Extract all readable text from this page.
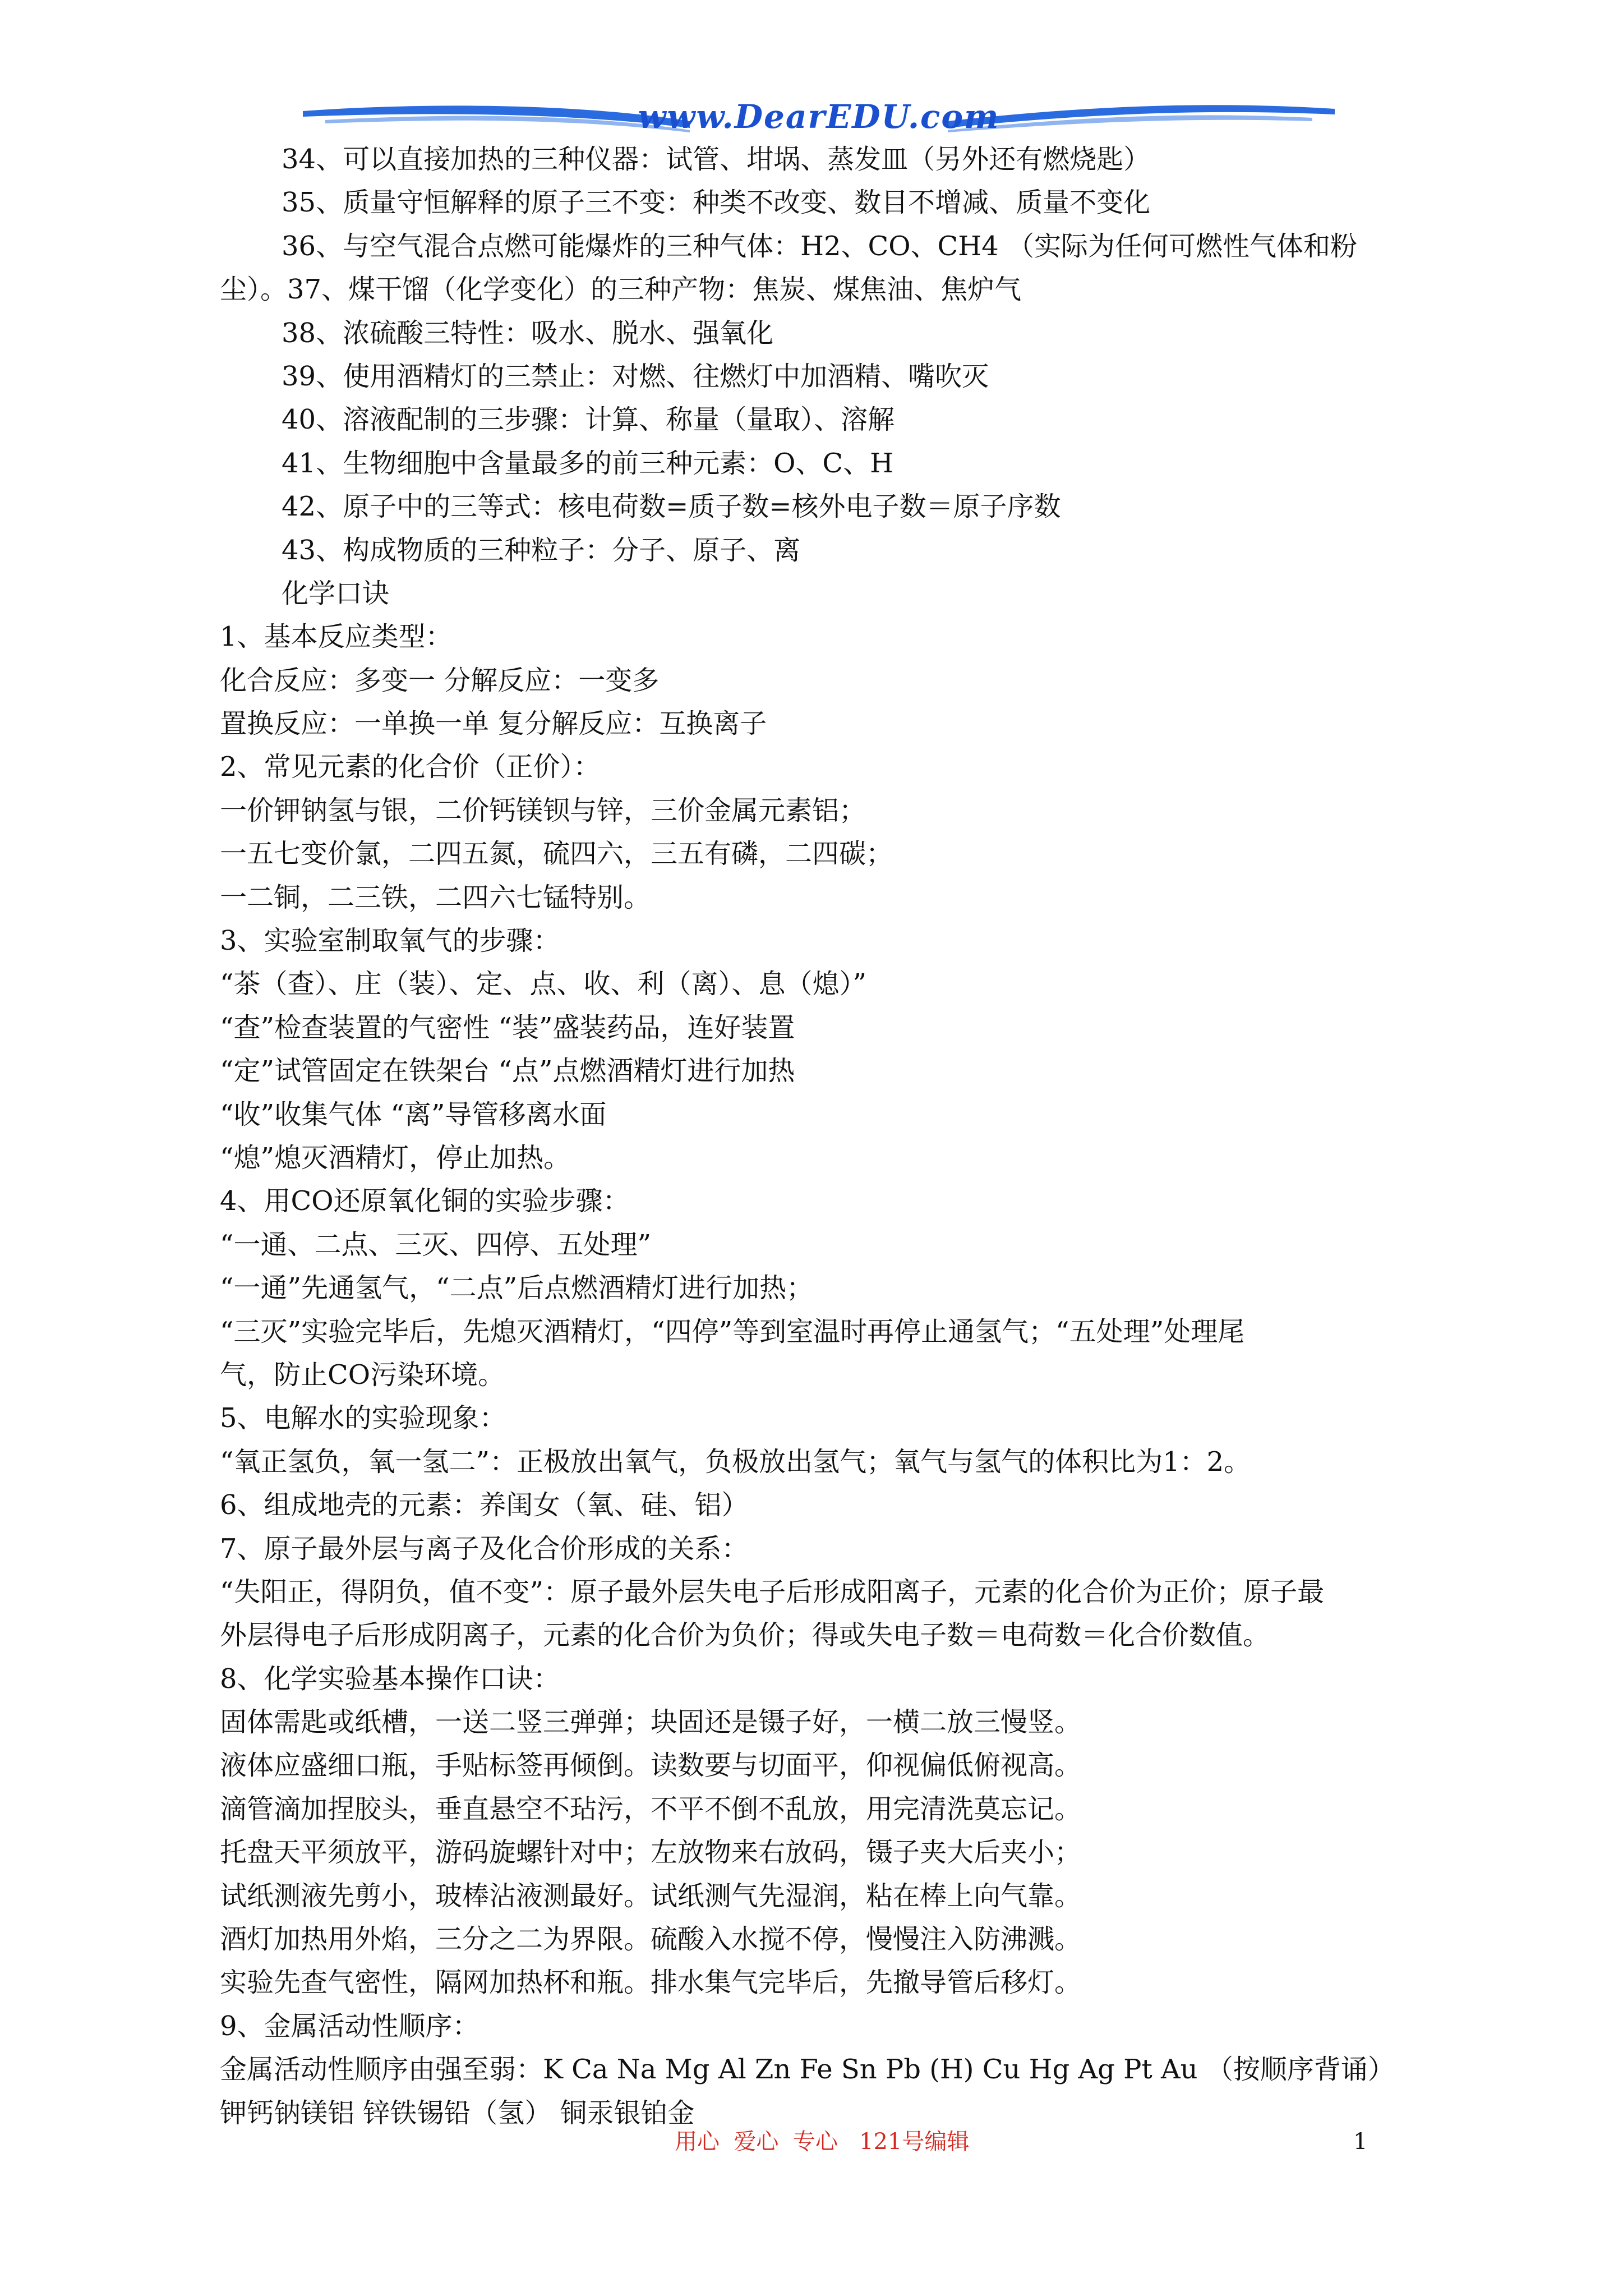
www.DearEDU.com
34、可以直接加热的三种仪器：试管、坩埚、蒸发皿（另外还有燃烧匙）
35、质量守恒解释的原子三不变：种类不改变、数目不增减、质量不变化
36、与空气混合点燃可能爆炸的三种气体：H2、CO、CH4 （实际为任何可燃性气体和粉
尘）。37、煤干馏（化学变化）的三种产物：焦炭、煤焦油、焦炉气
38、浓硫酸三特性：吸水、脱水、强氧化
39、使用酒精灯的三禁止：对燃、往燃灯中加酒精、嘴吹灭
40、溶液配制的三步骤：计算、称量（量取）、溶解
41、生物细胞中含量最多的前三种元素：O、C、H
42、原子中的三等式：核电荷数=质子数=核外电子数＝原子序数
43、构成物质的三种粒子：分子、原子、离
化学口诀
1、基本反应类型：
化合反应：多变一 分解反应：一变多
置换反应：一单换一单 复分解反应：互换离子
2、常见元素的化合价（正价）：
一价钾钠氢与银，二价钙镁钡与锌，三价金属元素铝；
一五七变价氯，二四五氮，硫四六，三五有磷，二四碳；
一二铜，二三铁，二四六七锰特别。
3、实验室制取氧气的步骤：
“茶（查）、庄（装）、定、点、收、利（离）、息（熄）”
“查”检查装置的气密性 “装”盛装药品，连好装置
“定”试管固定在铁架台 “点”点燃酒精灯进行加热
“收”收集气体 “离”导管移离水面
“熄”熄灭酒精灯，停止加热。
4、用CO还原氧化铜的实验步骤：
“一通、二点、三灭、四停、五处理”
“一通”先通氢气，“二点”后点燃酒精灯进行加热；
“三灭”实验完毕后，先熄灭酒精灯，“四停”等到室温时再停止通氢气；“五处理”处理尾
气，防止CO污染环境。
5、电解水的实验现象：
“氧正氢负，氧一氢二”：正极放出氧气，负极放出氢气；氧气与氢气的体积比为1：2。
6、组成地壳的元素：养闺女（氧、硅、铝）
7、原子最外层与离子及化合价形成的关系：
“失阳正，得阴负，值不变”：原子最外层失电子后形成阳离子，元素的化合价为正价；原子最
外层得电子后形成阴离子，元素的化合价为负价；得或失电子数＝电荷数＝化合价数值。
8、化学实验基本操作口诀：
固体需匙或纸槽，一送二竖三弹弹；块固还是镊子好，一横二放三慢竖。
液体应盛细口瓶，手贴标签再倾倒。读数要与切面平，仰视偏低俯视高。
滴管滴加捏胶头，垂直悬空不玷污，不平不倒不乱放，用完清洗莫忘记。
托盘天平须放平，游码旋螺针对中；左放物来右放码，镊子夹大后夹小；
试纸测液先剪小，玻棒沾液测最好。试纸测气先湿润，粘在棒上向气靠。
酒灯加热用外焰，三分之二为界限。硫酸入水搅不停，慢慢注入防沸溅。
实验先查气密性，隔网加热杯和瓶。排水集气完毕后，先撤导管后移灯。
9、金属活动性顺序：
金属活动性顺序由强至弱：K Ca Na Mg Al Zn Fe Sn Pb (H) Cu Hg Ag Pt Au （按顺序背诵）
钾钙钠镁铝 锌铁锡铅（氢） 铜汞银铂金
用心  爱心  专心   121号编辑	1
